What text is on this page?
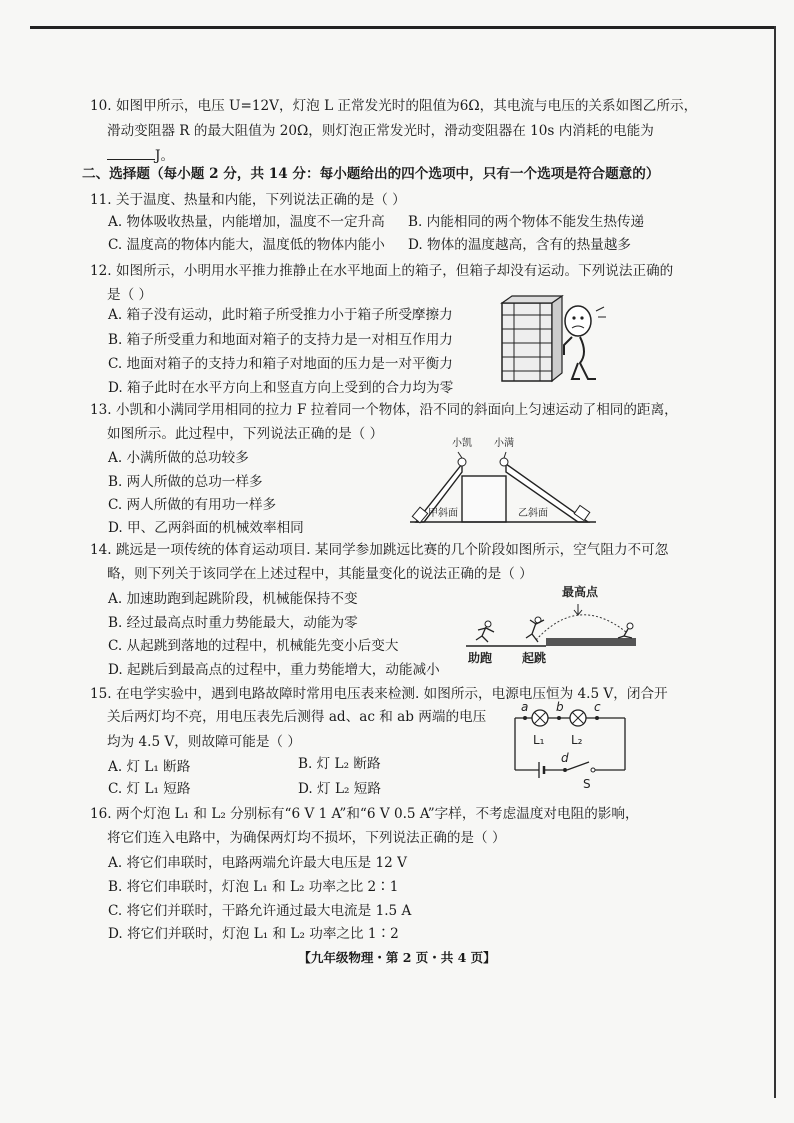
10. 如图甲所示，电压 U=12V，灯泡 L 正常发光时的阻值为6Ω，其电流与电压的关系如图乙所示，
滑动变阻器 R 的最大阻值为 20Ω，则灯泡正常发光时，滑动变阻器在 10s 内消耗的电能为
J。
二、选择题（每小题 2 分，共 14 分：每小题给出的四个选项中，只有一个选项是符合题意的）
11. 关于温度、热量和内能，下列说法正确的是（ ）
A. 物体吸收热量，内能增加，温度不一定升高 B. 内能相同的两个物体不能发生热传递
C. 温度高的物体内能大，温度低的物体内能小 D. 物体的温度越高，含有的热量越多
12. 如图所示，小明用水平推力推静止在水平地面上的箱子，但箱子却没有运动。下列说法正确的
是（ ）
A. 箱子没有运动，此时箱子所受推力小于箱子所受摩擦力
B. 箱子所受重力和地面对箱子的支持力是一对相互作用力
C. 地面对箱子的支持力和箱子对地面的压力是一对平衡力
D. 箱子此时在水平方向上和竖直方向上受到的合力均为零
13. 小凯和小满同学用相同的拉力 F 拉着同一个物体，沿不同的斜面向上匀速运动了相同的距离，
如图所示。此过程中，下列说法正确的是（ ）
A. 小满所做的总功较多
B. 两人所做的总功一样多
C. 两人所做的有用功一样多
D. 甲、乙两斜面的机械效率相同
小凯 小满
甲斜面	乙斜面
14. 跳远是一项传统的体育运动项目. 某同学参加跳远比赛的几个阶段如图所示，空气阻力不可忽
略，则下列关于该同学在上述过程中，其能量变化的说法正确的是（ ）
A. 加速助跑到起跳阶段，机械能保持不变
B. 经过最高点时重力势能最大，动能为零
C. 从起跳到落地的过程中，机械能先变小后变大
D. 起跳后到最高点的过程中，重力势能增大，动能减小
最高点
助跑 起跳
15. 在电学实验中，遇到电路故障时常用电压表来检测. 如图所示，电源电压恒为 4.5 V，闭合开
关后两灯均不亮，用电压表先后测得 ad、ac 和 ab 两端的电压
均为 4.5 V，则故障可能是（ ）
A. 灯 L₁ 断路	B. 灯 L₂ 断路
C. 灯 L₁ 短路	D. 灯 L₂ 短路
a b	c
d
L₁ L₂
S
16. 两个灯泡 L₁ 和 L₂ 分别标有“6 V 1 A”和“6 V 0.5 A”字样，不考虑温度对电阻的影响，
将它们连入电路中，为确保两灯均不损坏，下列说法正确的是（ ）
A. 将它们串联时，电路两端允许最大电压是 12 V
B. 将它们串联时，灯泡 L₁ 和 L₂ 功率之比 2∶1
C. 将它们并联时，干路允许通过最大电流是 1.5 A
D. 将它们并联时，灯泡 L₁ 和 L₂ 功率之比 1∶2
【九年级物理・第 2 页・共 4 页】
